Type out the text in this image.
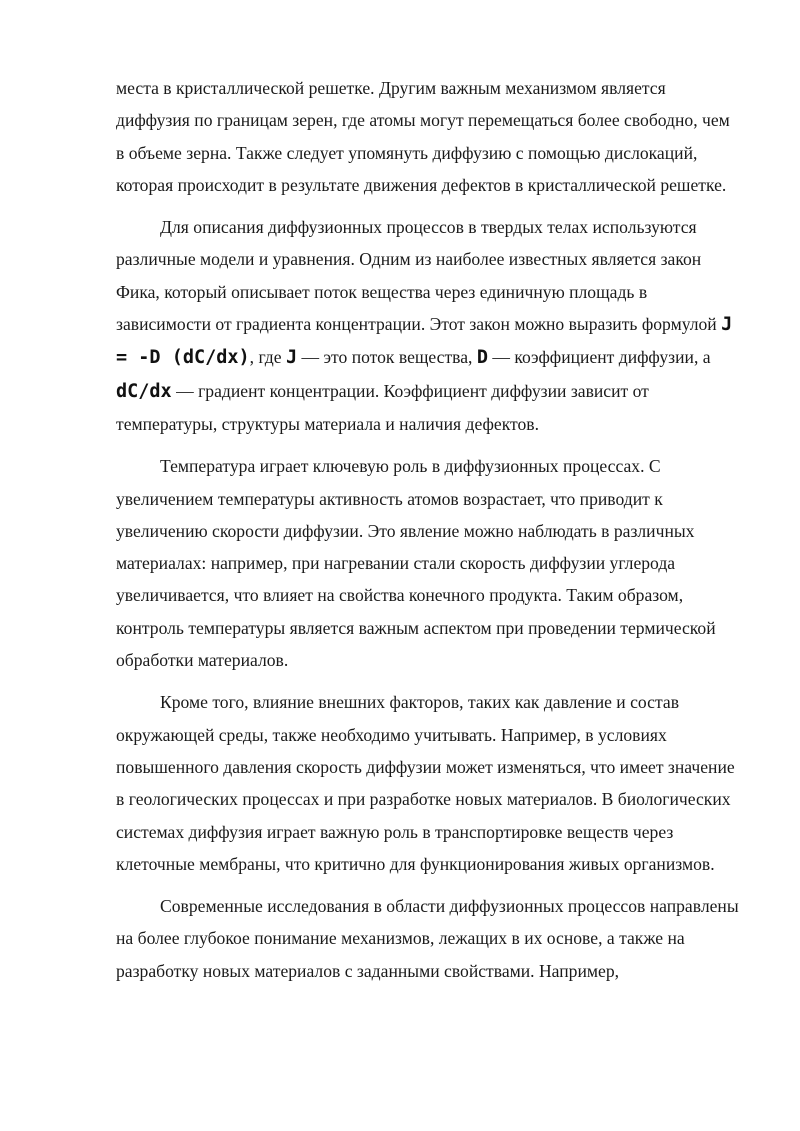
места в кристаллической решетке. Другим важным механизмом является диффузия по границам зерен, где атомы могут перемещаться более свободно, чем в объеме зерна. Также следует упомянуть диффузию с помощью дислокаций, которая происходит в результате движения дефектов в кристаллической решетке.

Для описания диффузионных процессов в твердых телах используются различные модели и уравнения. Одним из наиболее известных является закон Фика, который описывает поток вещества через единичную площадь в зависимости от градиента концентрации. Этот закон можно выразить формулой J = -D (dC/dx), где J — это поток вещества, D — коэффициент диффузии, а dC/dx — градиент концентрации. Коэффициент диффузии зависит от температуры, структуры материала и наличия дефектов.

Температура играет ключевую роль в диффузионных процессах. С увеличением температуры активность атомов возрастает, что приводит к увеличению скорости диффузии. Это явление можно наблюдать в различных материалах: например, при нагревании стали скорость диффузии углерода увеличивается, что влияет на свойства конечного продукта. Таким образом, контроль температуры является важным аспектом при проведении термической обработки материалов.

Кроме того, влияние внешних факторов, таких как давление и состав окружающей среды, также необходимо учитывать. Например, в условиях повышенного давления скорость диффузии может изменяться, что имеет значение в геологических процессах и при разработке новых материалов. В биологических системах диффузия играет важную роль в транспортировке веществ через клеточные мембраны, что критично для функционирования живых организмов.

Современные исследования в области диффузионных процессов направлены на более глубокое понимание механизмов, лежащих в их основе, а также на разработку новых материалов с заданными свойствами. Например,
